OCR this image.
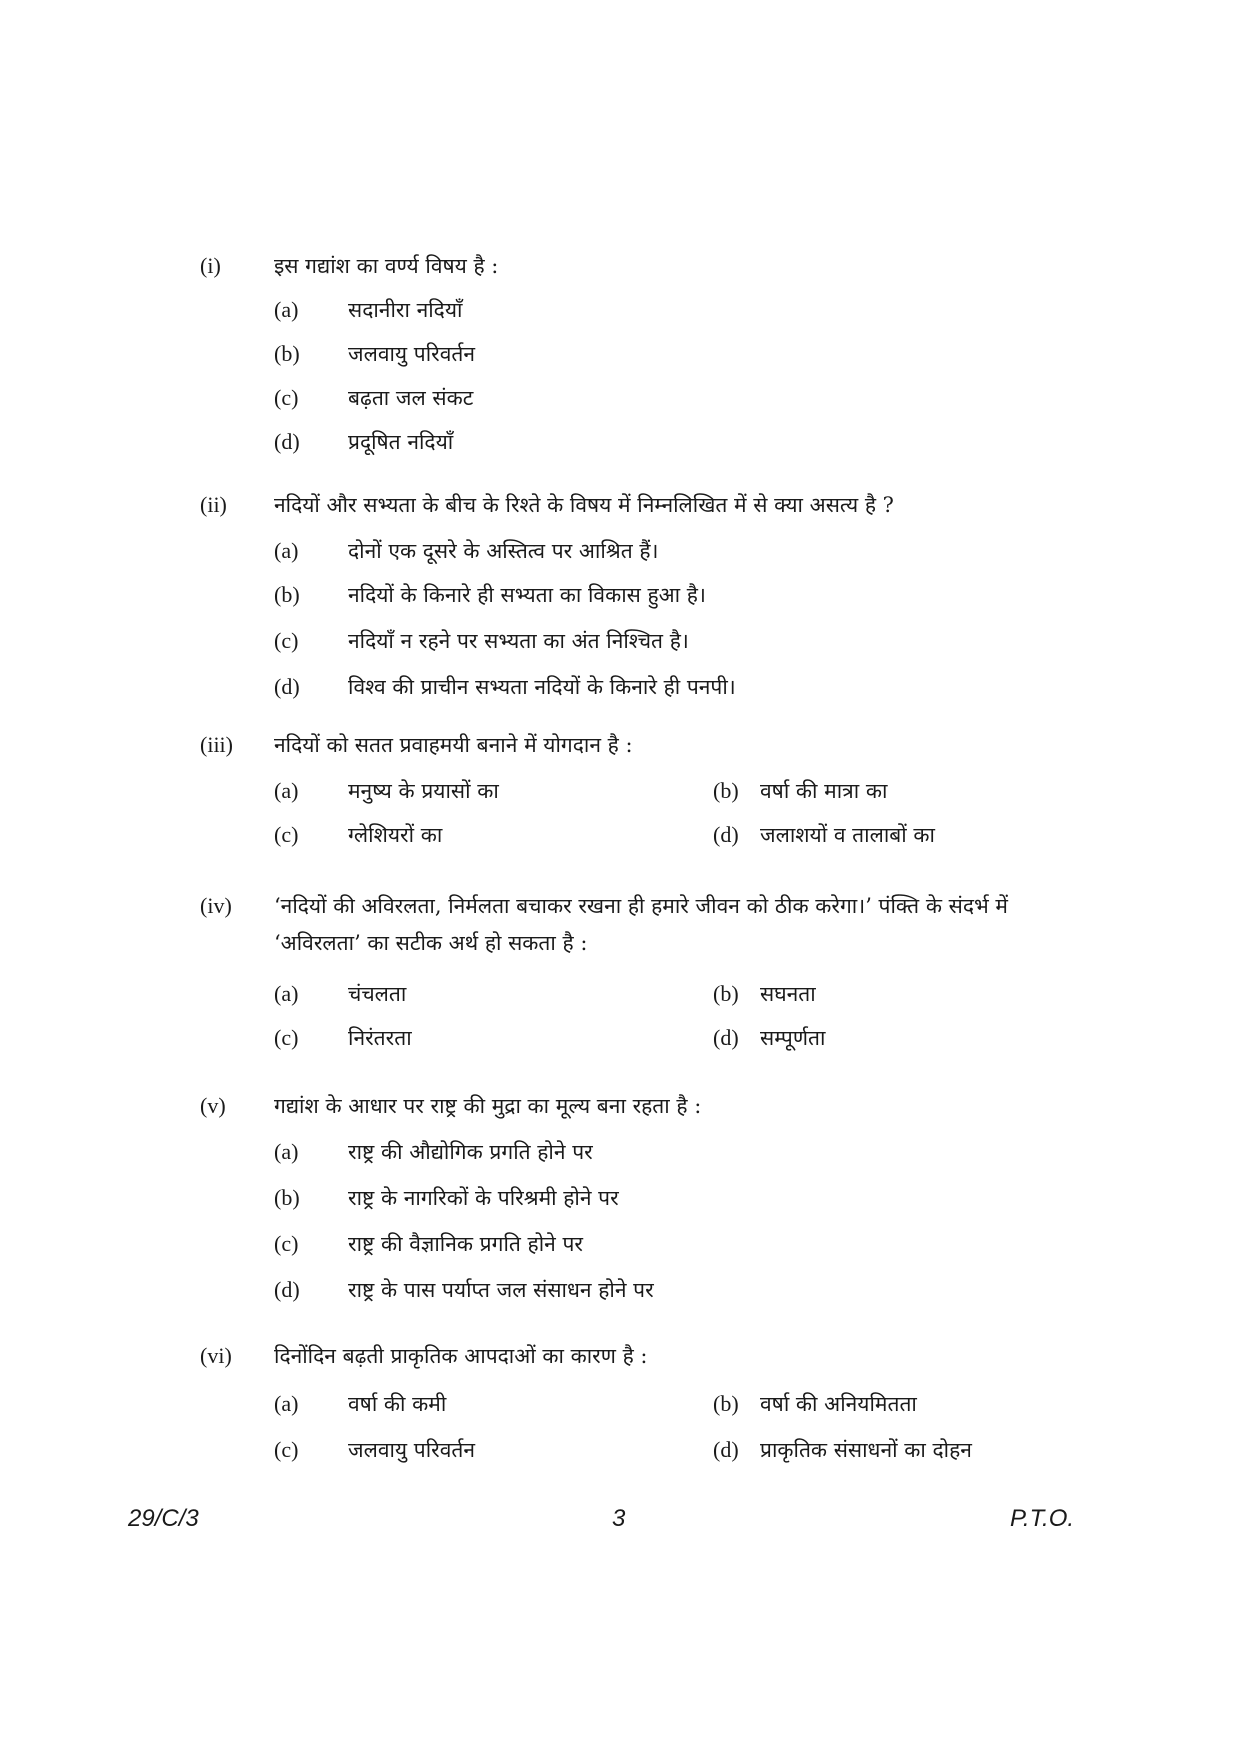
(i)	इस गद्यांश का वर्ण्य विषय है :
(a) सदानीरा नदियाँ
(b) जलवायु परिवर्तन
(c) बढ़ता जल संकट
(d) प्रदूषित नदियाँ
(ii) नदियों और सभ्यता के बीच के रिश्ते के विषय में निम्नलिखित में से क्या असत्य है ?
(a) दोनों एक दूसरे के अस्तित्व पर आश्रित हैं।
(b) नदियों के किनारे ही सभ्यता का विकास हुआ है।
(c) नदियाँ न रहने पर सभ्यता का अंत निश्चित है।
(d) विश्व की प्राचीन सभ्यता नदियों के किनारे ही पनपी।
(iii) नदियों को सतत प्रवाहमयी बनाने में योगदान है :
(a) मनुष्य के प्रयासों का	(b) वर्षा की मात्रा का
(c) ग्लेशियरों का	(d) जलाशयों व तालाबों का
(iv) ‘नदियों की अविरलता, निर्मलता बचाकर रखना ही हमारे जीवन को ठीक करेगा।’ पंक्ति के संदर्भ में ‘अविरलता’ का सटीक अर्थ हो सकता है :
(a) चंचलता	(b) सघनता
(c) निरंतरता	(d) सम्पूर्णता
(v) गद्यांश के आधार पर राष्ट्र की मुद्रा का मूल्य बना रहता है :
(a) राष्ट्र की औद्योगिक प्रगति होने पर
(b) राष्ट्र के नागरिकों के परिश्रमी होने पर
(c) राष्ट्र की वैज्ञानिक प्रगति होने पर
(d) राष्ट्र के पास पर्याप्त जल संसाधन होने पर
(vi) दिनोंदिन बढ़ती प्राकृतिक आपदाओं का कारण है :
(a) वर्षा की कमी	(b) वर्षा की अनियमितता
(c) जलवायु परिवर्तन	(d) प्राकृतिक संसाधनों का दोहन
29/C/3	3	P.T.O.
